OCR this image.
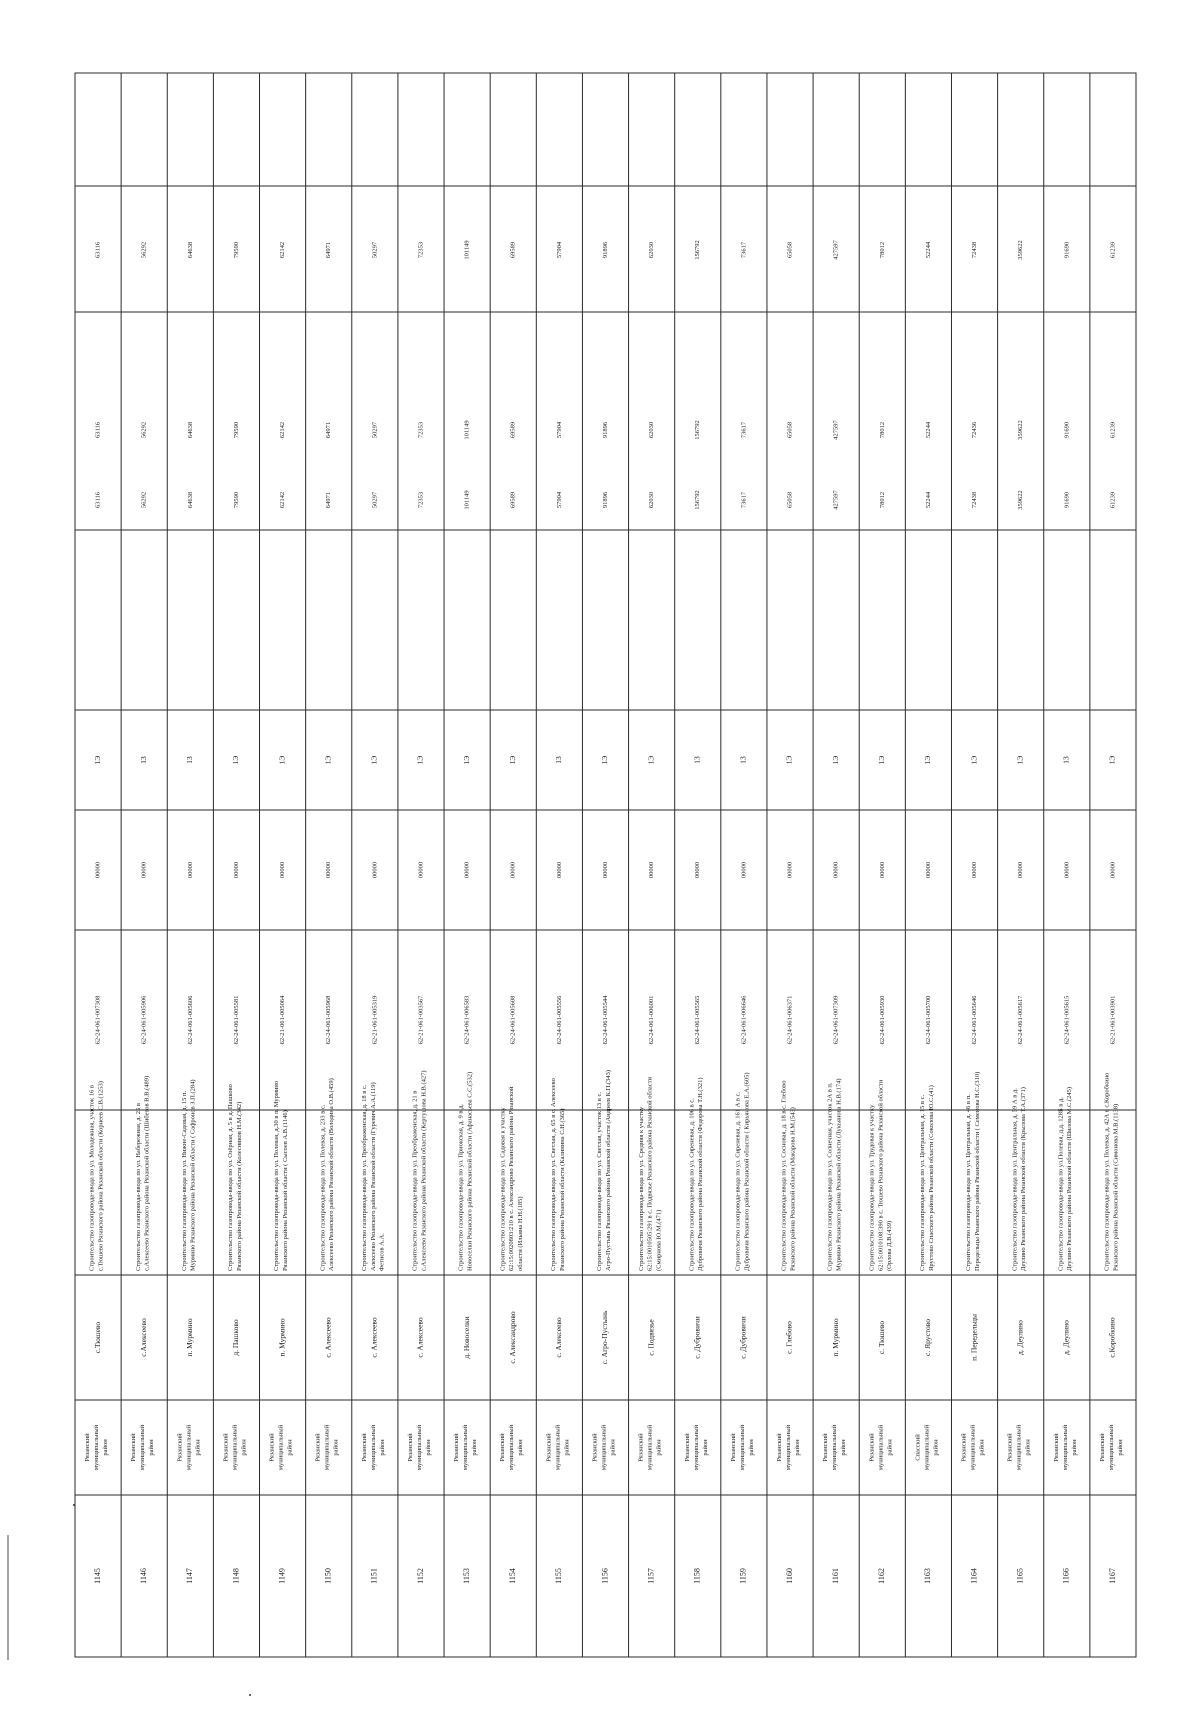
1145
Рязанский муниципальный район
с.Тюшево
Строительство газопровода-ввода по ул. Молодежная, участок 16 в с.Тюшево Рязанского района Рязанской области (Корнеев С.В.(1253)
62-24-061-007308
00000
1Э
63116
63116
63116
1146
Рязанский муниципальный район
с.Алексеево
Строительство газопровода-ввода по ул. Набережная, д. 25 в с.Алексеево Рязанского района Рязанской области (Шибетов В.В.(489)
62-24-061-005906
00000
13
56292
56292
56292
1147
Рязанский муниципальный район
п. Мурмино
Строительство газопровода-ввода по ул. Нижне-Садовая, д. 15 п. Мурмино Рязанского района Рязанской области ( Сафронов З.П.(284)
62-24-061-005606
00000
13
64638
64638
64638
1148
Рязанский муниципальный район
д. Пашково
Строительство газопровода-ввода по ул. Озёрная, д. 5 в д. Пашково Рязанского района Рязанской области (Колесников Н.М.(342)
62-24-061-005581
00000
1Э
79590
79590
79590
1149
Рязанский муниципальный район
п. Мурмино
Строительство газопровода-ввода по ул. Полевая, д.30 в п. Мурмино Рязанского района Рязанской области ( Сысоев А.В.(1146)
62-21-061-005064
00000
1Э
62142
62142
62142
1150
Рязанский муниципальный район
с. Алексеево
Строительство газопровода-ввода по ул. Полевая, д. 233 в с. Алексеево Рязанского района Рязанской области (Володина О.В.(459)
62-24-061-005968
00000
1Э
64971
64971
64971
1151
Рязанский муниципальный район
с. Алексеево
Строительство газопровода-ввода по ул. Преображенская, д. 18 в с. Алексеево Рязанского района Рязанской области (Гуревич А.А.(119) Фетисов А.А.
62-21-061-005319
00000
1Э
50297
50297
50297
1152
Рязанский муниципальный район
с. Алексеево
Строительство газопровода-ввода по ул. Преображенская, д. 21 в с.Алексеево Рязанского района Рязанской области (Кертушова Н.В.(427)
62-21-061-003567
00000
1Э
72353
72353
72353
1153
Рязанский муниципальный район
д. Новоселки
Строительство газопровода-ввода по ул. Приокская, д. 9 в д. Новоселки Рязанского района Рязанской области (Афанасьева С.С.(532)
62-24-061-006583
00000
1Э
101149
101149
101149
1154
Рязанский муниципальный район
с. Александрово
Строительство газопровода-ввода по ул. Садовая к участку 62:15:0020803:210 в с. Александрово Рязанского района Рязанской области (Ильина Н.Н.(185)
62-24-061-005608
00000
1Э
69589
69589
69589
1155
Рязанский муниципальный район
с. Алексеево
Строительство газопровода-ввода по ул. Светлая, д. 65 в с. Алексеево Рязанского района Рязанской области (Калинина С.Н.(365)
62-24-061-005556
00000
13
57904
57904
57904
1156
Рязанский муниципальный район
с. Агро-Пустынь
Строительство газопровода-ввода по ул. Светлая, участок 13 в с. Агро-Пустынь Рязанского района Рязанской области (Андреев К.П.(343)
62-24-061-005544
00000
1Э
91896
91896
91896
1157
Рязанский муниципальный район
с. Подвязье
Строительство газопровода-ввода по ул. Средняя к участку 62:15:0010505:291 в с. Подвязье Рязанского района Рязанской области (Смирнова Ю.М.(471)
62-24-061-006001
00000
1Э
62030
62030
62030
1158
Рязанский муниципальный район
с. Дубровичи
Строительство газопровода-ввода по ул. Сиреневая, д. 106 в с. Дубровичи Рязанского района Рязанской области (Федорова Т.Н.(321)
62-24-061-005565
00000
13
156792
156792
156792
1159
Рязанский муниципальный район
с. Дубровичи
Строительство газопровода-ввода по ул. Сиреневая, д. 161 А в с. Дубровичи Рязанского района Рязанской области ( Кирьянова Е.А.(605)
62-24-061-006646
00000
13
73617
73617
73617
1160
Рязанский муниципальный район
с. Глебово
Строительство газопровода-ввода по ул. Сосновая, д. 18 в с. Глебово Рязанского района Рязанской области (Макарова Н.М.(543)
62-24-061-006371
00000
1Э
65058
65058
65058
1161
Рязанский муниципальный район
п. Мурмино
Строительство газопровода-ввода по ул. Солнечная, участок 2А в п. Мурмино Рязанского района Рязанской области (Лукьянова Н.В.(174)
62-24-061-007309
00000
1Э
427597
427597
427597
1162
Рязанский муниципальный район
с. Тюшево
Строительство газопровода-ввода по ул. Трудовая к участку 62:15:0010108:390 в с. Тюшево Рязанского района Рязанской области (Орлова Д.В.(439)
62-24-061-005930
00000
1Э
78012
78012
78012
1163
Спасский муниципальный район
с. Ярустово
Строительство газопровода-ввода по ул. Центральная, д. 15 в с. Ярустово Спасского района Рязанской области (Соколова Ю.С.(41)
62-24-061-005700
00000
1Э
52244
52244
52244
1164
Рязанский муниципальный район
п. Передельцы
Строительство газопровода-ввода по ул. Центральная, д. 46 в п. Передельцы Рязанского района Рязанской области ( Семенова Н.С.(310)
62-24-061-005646
00000
1Э
72438
72436
72438
1165
Рязанский муниципальный район
д. Деулино
Строительство газопровода-ввода по ул. Центральная, д. 59 А в д. Деулино Рязанского района Рязанской области (Крылова Т.А.(371)
62-24-061-005617
00000
1Э
359622
359622
359622
1166
Рязанский муниципальный район
д. Деулино
Строительство газопровода-ввода по ул.Полевая, д.д. 128Б в д. Деулино Рязанского района Рязанской области (Шилова М.С.(245)
62-24-061-005615
00000
13
91690
91690
91690
1167
Рязанский муниципальный район
с.Коробкино
Строительство газопровода-ввода по ул. Полевая, д. 42А в с.Коробкино Рязанского района Рязанской области (Симонова М.В.(1138)
62-21-061-003901
00000
1Э
61239
61239
61239
